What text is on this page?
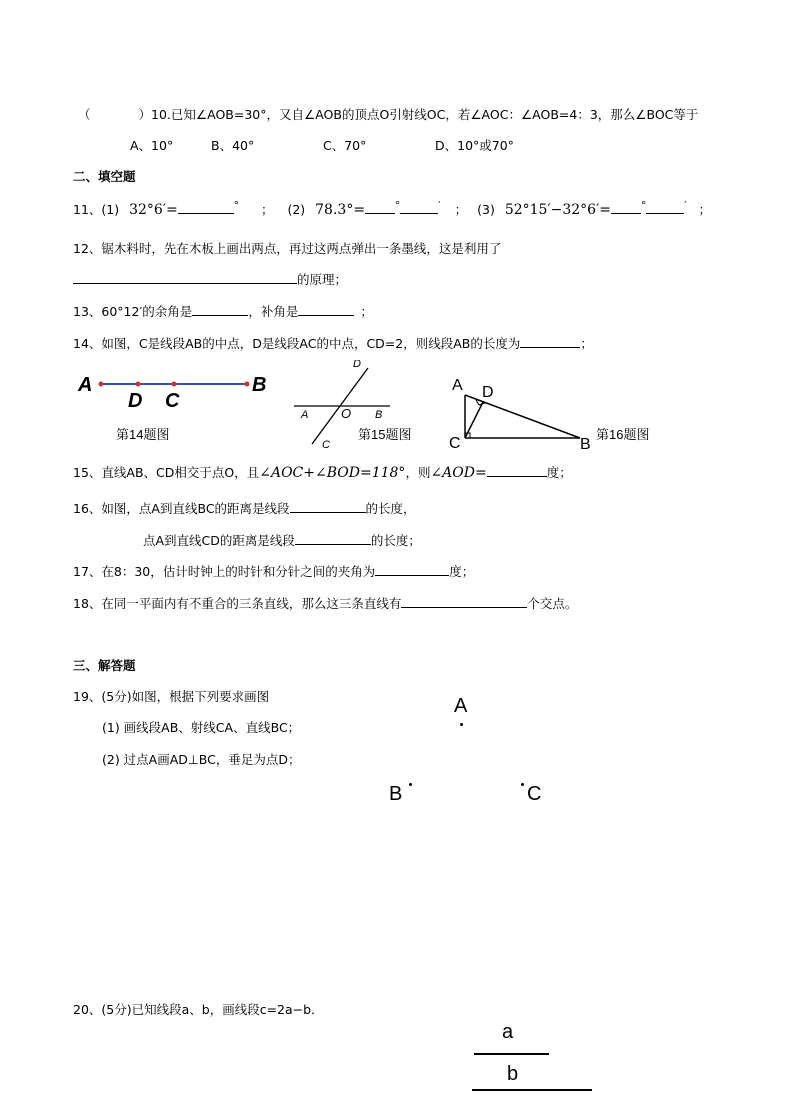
（	）10.已知∠AOB=30°，又自∠AOB的顶点O引射线OC，若∠AOC：∠AOB=4：3，那么∠BOC等于
A、10°	B、40°	C、70°	D、10°或70°
二、填空题
11、(1) 32°6′=	° ； (2) 78.3°=	°	′ ； (3) 52°15′−32°6′=	°	′ ；
12、锯木料时，先在木板上画出两点，再过这两点弹出一条墨线，这是利用了
的原理；
13、60°12′的余角是	，补角是	；
14、如图，C是线段AB的中点，D是线段AC的中点，CD=2，则线段AB的长度为	；
A	B
D C
第14题图
D
A	O B
C
第15题图
A D
C	B
第16题图
15、直线AB、CD相交于点O，且∠AOC+∠BOD=118°，则∠AOD=	度；
16、如图，点A到直线BC的距离是线段	的长度，
点A到直线CD的距离是线段	的长度；
17、在8：30，估计时钟上的时针和分针之间的夹角为	度；
18、在同一平面内有不重合的三条直线，那么这三条直线有	个交点。
三、解答题
19、(5分)如图，根据下列要求画图
(1) 画线段AB、射线CA、直线BC；
(2) 过点A画AD⊥BC，垂足为点D；
A
B	C
20、(5分)已知线段a、b，画线段c=2a−b．
a
b
